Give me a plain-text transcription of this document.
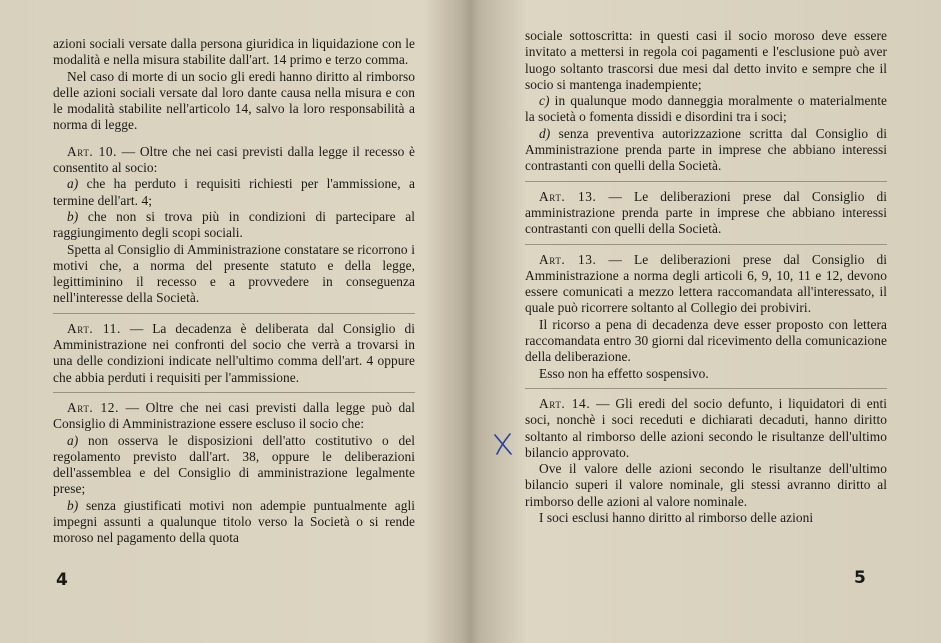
azioni sociali versate dalla persona giuridica in liquidazione con le modalità e nella misura stabilite dall'art. 14 primo e terzo comma.

Nel caso di morte di un socio gli eredi hanno diritto al rimborso delle azioni sociali versate dal loro dante causa nella misura e con le modalità stabilite nell'articolo 14, salvo la loro responsabilità a norma di legge.

Art. 10. — Oltre che nei casi previsti dalla legge il recesso è consentito al socio:

a) che ha perduto i requisiti richiesti per l'ammissione, a termine dell'art. 4;

b) che non si trova più in condizioni di partecipare al raggiungimento degli scopi sociali.

Spetta al Consiglio di Amministrazione constatare se ricorrono i motivi che, a norma del presente statuto e della legge, legittiminino il recesso e a provvedere in conseguenza nell'interesse della Società.

Art. 11. — La decadenza è deliberata dal Consiglio di Amministrazione nei confronti del socio che verrà a trovarsi in una delle condizioni indicate nell'ultimo comma dell'art. 4 oppure che abbia perduti i requisiti per l'ammissione.

Art. 12. — Oltre che nei casi previsti dalla legge può dal Consiglio di Amministrazione essere escluso il socio che:

a) non osserva le disposizioni dell'atto costitutivo o del regolamento previsto dall'art. 38, oppure le deliberazioni dell'assemblea e del Consiglio di amministrazione legalmente prese;

b) senza giustificati motivi non adempie puntualmente agli impegni assunti a qualunque titolo verso la Società o si rende moroso nel pagamento della quota

4

sociale sottoscritta: in questi casi il socio moroso deve essere invitato a mettersi in regola coi pagamenti e l'esclusione può aver luogo soltanto trascorsi due mesi dal detto invito e sempre che il socio si mantenga inadempiente;

c) in qualunque modo danneggia moralmente o materialmente la società o fomenta dissidi e disordini tra i soci;

d) senza preventiva autorizzazione scritta dal Consiglio di Amministrazione prenda parte in imprese che abbiano interessi contrastanti con quelli della Società.

Art. 13. — Le deliberazioni prese dal Consiglio di amministrazione prenda parte in imprese che abbiano interessi contrastanti con quelli della Società.

Art. 13. — Le deliberazioni prese dal Consiglio di Amministrazione a norma degli articoli 6, 9, 10, 11 e 12, devono essere comunicati a mezzo lettera raccomandata all'interessato, il quale può ricorrere soltanto al Collegio dei probiviri.

Il ricorso a pena di decadenza deve esser proposto con lettera raccomandata entro 30 giorni dal ricevimento della comunicazione della deliberazione.

Esso non ha effetto sospensivo.

Art. 14. — Gli eredi del socio defunto, i liquidatori di enti soci, nonchè i soci receduti e dichiarati decaduti, hanno diritto soltanto al rimborso delle azioni secondo le risultanze dell'ultimo bilancio approvato.

Ove il valore delle azioni secondo le risultanze dell'ultimo bilancio superi il valore nominale, gli stessi avranno diritto al rimborso delle azioni al valore nominale.

I soci esclusi hanno diritto al rimborso delle azioni

5
